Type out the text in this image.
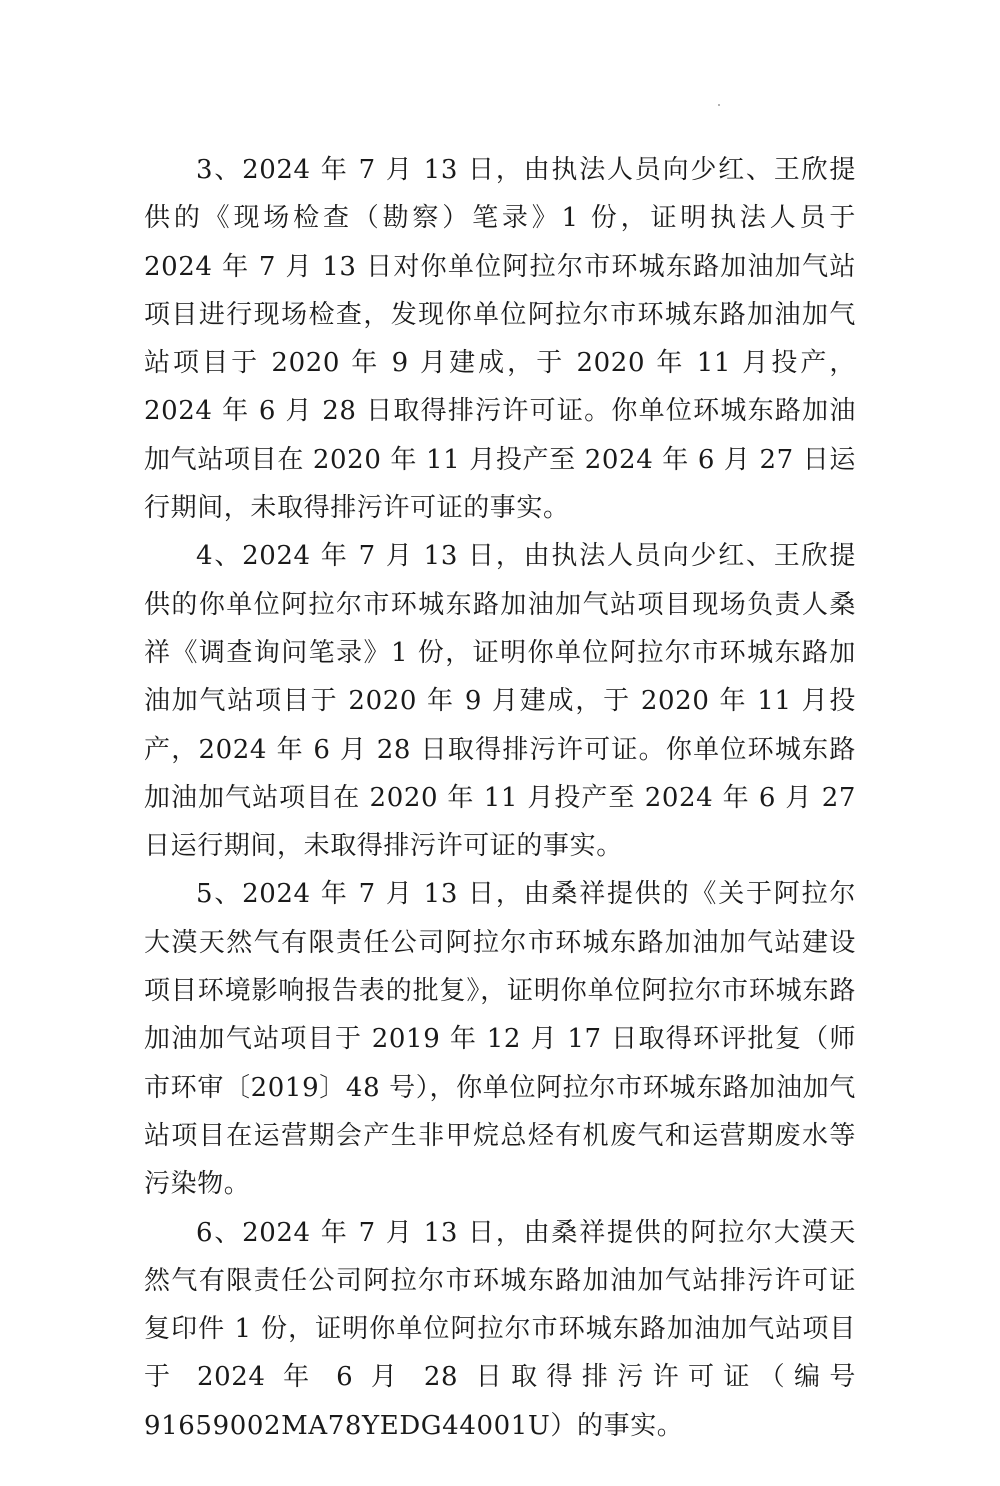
3、2024 年 7 月 13 日，由执法人员向少红、王欣提供的《现场检查（勘察）笔录》1 份，证明执法人员于 2024 年 7 月 13 日对你单位阿拉尔市环城东路加油加气站项目进行现场检查，发现你单位阿拉尔市环城东路加油加气站项目于 2020 年 9 月建成，于 2020 年 11 月投产，2024 年 6 月 28 日取得排污许可证。你单位环城东路加油加气站项目在 2020 年 11 月投产至 2024 年 6 月 27 日运行期间，未取得排污许可证的事实。

4、2024 年 7 月 13 日，由执法人员向少红、王欣提供的你单位阿拉尔市环城东路加油加气站项目现场负责人桑祥《调查询问笔录》1 份，证明你单位阿拉尔市环城东路加油加气站项目于 2020 年 9 月建成，于 2020 年 11 月投产，2024 年 6 月 28 日取得排污许可证。你单位环城东路加油加气站项目在 2020 年 11 月投产至 2024 年 6 月 27 日运行期间，未取得排污许可证的事实。

5、2024 年 7 月 13 日，由桑祥提供的《关于阿拉尔大漠天然气有限责任公司阿拉尔市环城东路加油加气站建设项目环境影响报告表的批复》，证明你单位阿拉尔市环城东路加油加气站项目于 2019 年 12 月 17 日取得环评批复（师市环审〔2019〕48 号），你单位阿拉尔市环城东路加油加气站项目在运营期会产生非甲烷总烃有机废气和运营期废水等污染物。

6、2024 年 7 月 13 日，由桑祥提供的阿拉尔大漠天然气有限责任公司阿拉尔市环城东路加油加气站排污许可证复印件 1 份，证明你单位阿拉尔市环城东路加油加气站项目于 2024 年 6 月 28 日取得排污许可证（编号 91659002MA78YEDG44001U）的事实。
